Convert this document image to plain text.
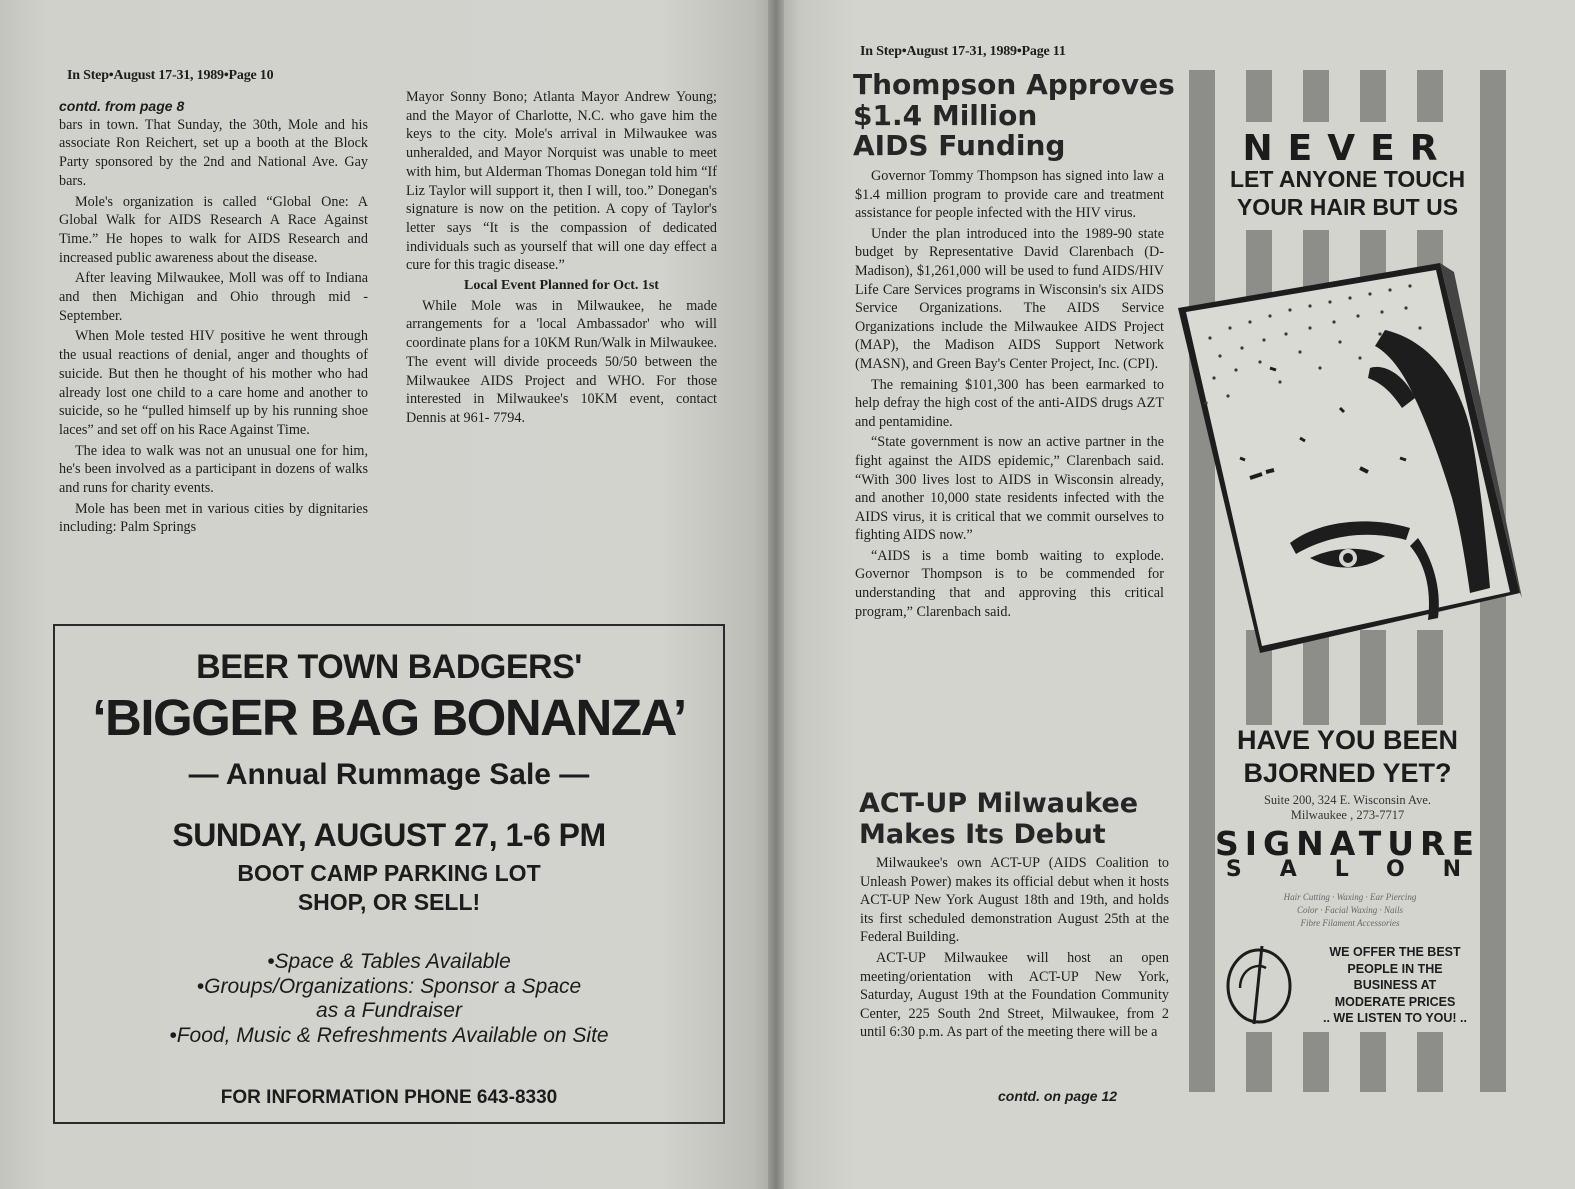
In Step•August 17-31, 1989•Page 10
contd. from page 8

bars in town. That Sunday, the 30th, Mole and his associate Ron Reichert, set up a booth at the Block Party sponsored by the 2nd and National Ave. Gay bars.

Mole's organization is called “Global One: A Global Walk for AIDS Research A Race Against Time.” He hopes to walk for AIDS Research and increased public awareness about the disease.

After leaving Milwaukee, Moll was off to Indiana and then Michigan and Ohio through mid - September.

When Mole tested HIV positive he went through the usual reactions of denial, anger and thoughts of suicide. But then he thought of his mother who had already lost one child to a care home and another to suicide, so he “pulled himself up by his running shoe laces” and set off on his Race Against Time.

The idea to walk was not an unusual one for him, he's been involved as a participant in dozens of walks and runs for charity events.

Mole has been met in various cities by dignitaries including: Palm Springs

Mayor Sonny Bono; Atlanta Mayor Andrew Young; and the Mayor of Charlotte, N.C. who gave him the keys to the city. Mole's arrival in Milwaukee was unheralded, and Mayor Norquist was unable to meet with him, but Alderman Thomas Donegan told him “If Liz Taylor will support it, then I will, too.” Donegan's signature is now on the petition. A copy of Taylor's letter says “It is the compassion of dedicated individuals such as yourself that will one day effect a cure for this tragic disease.”

Local Event Planned for Oct. 1st

While Mole was in Milwaukee, he made arrangements for a 'local Ambassador' who will coordinate plans for a 10KM Run/Walk in Milwaukee. The event will divide proceeds 50/50 between the Milwaukee AIDS Project and WHO. For those interested in Milwaukee's 10KM event, contact Dennis at 961- 7794.

BEER TOWN BADGERS'
‘BIGGER BAG BONANZA’
— Annual Rummage Sale —
SUNDAY, AUGUST 27, 1-6 PM
BOOT CAMP PARKING LOT
SHOP, OR SELL!
•Space & Tables Available
•Groups/Organizations: Sponsor a Space
as a Fundraiser
•Food, Music & Refreshments Available on Site
FOR INFORMATION PHONE 643-8330
In Step•August 17-31, 1989•Page 11
Thompson Approves
$1.4 Million
AIDS Funding

Governor Tommy Thompson has signed into law a $1.4 million program to provide care and treatment assistance for people infected with the HIV virus.

Under the plan introduced into the 1989-90 state budget by Representative David Clarenbach (D-Madison), $1,261,000 will be used to fund AIDS/HIV Life Care Services programs in Wisconsin's six AIDS Service Organizations. The AIDS Service Organizations include the Milwaukee AIDS Project (MAP), the Madison AIDS Support Network (MASN), and Green Bay's Center Project, Inc. (CPI).

The remaining $101,300 has been earmarked to help defray the high cost of the anti-AIDS drugs AZT and pentamidine.

“State government is now an active partner in the fight against the AIDS epidemic,” Clarenbach said. “With 300 lives lost to AIDS in Wisconsin already, and another 10,000 state residents infected with the AIDS virus, it is critical that we commit ourselves to fighting AIDS now.”

“AIDS is a time bomb waiting to explode. Governor Thompson is to be commended for understanding that and approving this critical program,” Clarenbach said.

ACT-UP Milwaukee
Makes Its Debut

Milwaukee's own ACT-UP (AIDS Coalition to Unleash Power) makes its official debut when it hosts ACT-UP New York August 18th and 19th, and holds its first scheduled demonstration August 25th at the Federal Building.

ACT-UP Milwaukee will host an open meeting/orientation with ACT-UP New York, Saturday, August 19th at the Foundation Community Center, 225 South 2nd Street, Milwaukee, from 2 until 6:30 p.m. As part of the meeting there will be a

contd. on page 12
NEVER
LET ANYONE TOUCH
YOUR HAIR BUT US
HAVE YOU BEEN
BJORNED YET?
Suite 200, 324 E. Wisconsin Ave.
Milwaukee , 273-7717
SIGNATURE
SALON
Hair Cutting · Waxing · Ear Piercing
Color · Facial Waxing · Nails
Fibre Filament Accessories
WE OFFER THE BEST
PEOPLE IN THE
BUSINESS AT
MODERATE PRICES
.. WE LISTEN TO YOU! ..
